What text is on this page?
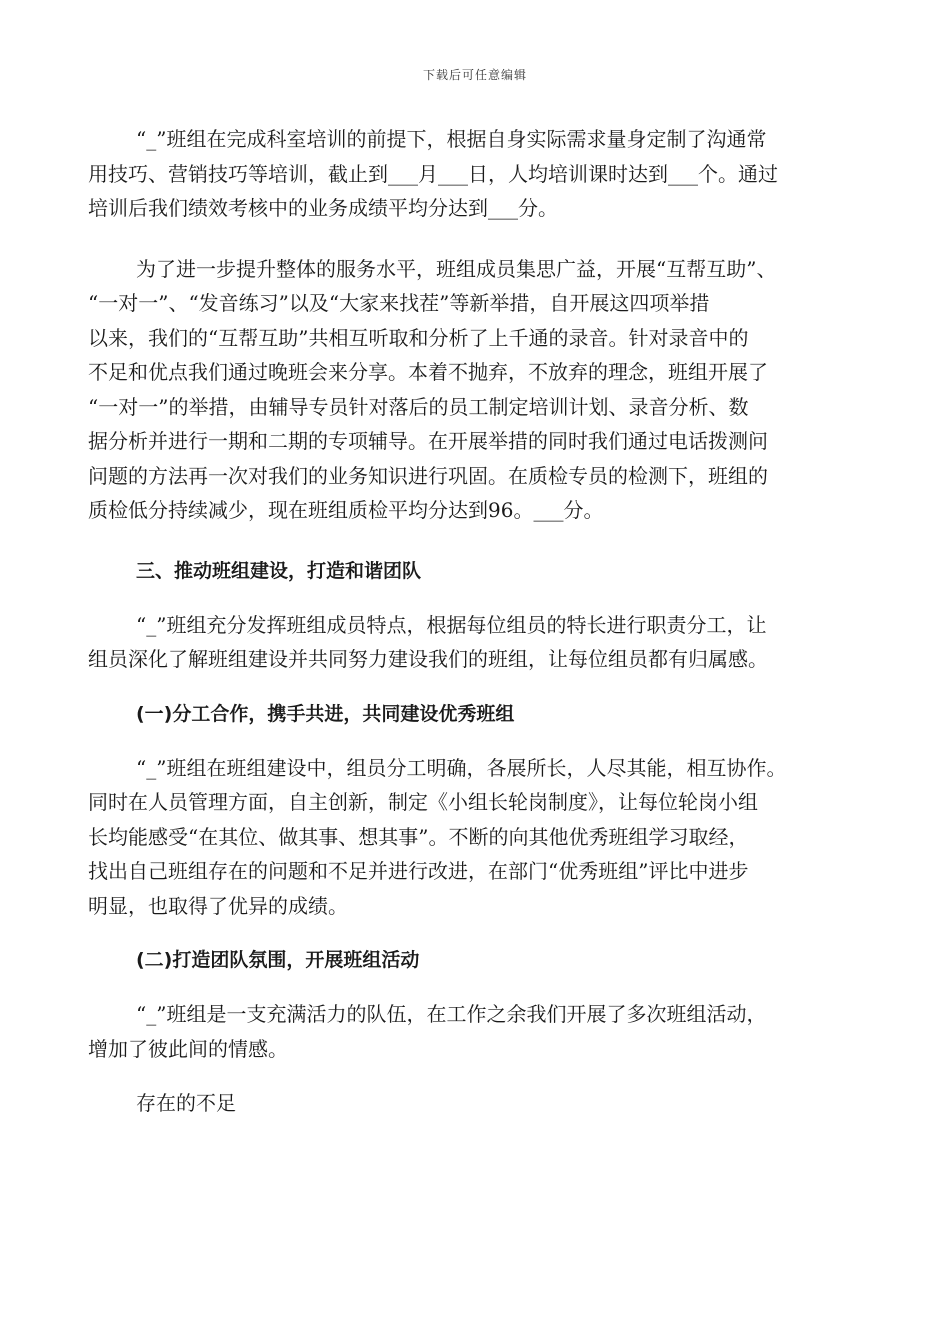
下载后可任意编辑

“_”班组在完成科室培训的前提下，根据自身实际需求量身定制了沟通常
用技巧、营销技巧等培训，截止到___月___日，人均培训课时达到___个。通过
培训后我们绩效考核中的业务成绩平均分达到___分。

为了进一步提升整体的服务水平，班组成员集思广益，开展“互帮互助”、
“一对一”、“发音练习”以及“大家来找茬”等新举措，自开展这四项举措
以来，我们的“互帮互助”共相互听取和分析了上千通的录音。针对录音中的
不足和优点我们通过晚班会来分享。本着不抛弃，不放弃的理念，班组开展了
“一对一”的举措，由辅导专员针对落后的员工制定培训计划、录音分析、数
据分析并进行一期和二期的专项辅导。在开展举措的同时我们通过电话拨测问
问题的方法再一次对我们的业务知识进行巩固。在质检专员的检测下，班组的
质检低分持续减少，现在班组质检平均分达到96。___分。

三、推动班组建设，打造和谐团队

“_”班组充分发挥班组成员特点，根据每位组员的特长进行职责分工，让
组员深化了解班组建设并共同努力建设我们的班组，让每位组员都有归属感。

(一)分工合作，携手共进，共同建设优秀班组

“_”班组在班组建设中，组员分工明确，各展所长，人尽其能，相互协作。
同时在人员管理方面，自主创新，制定《小组长轮岗制度》，让每位轮岗小组
长均能感受“在其位、做其事、想其事”。不断的向其他优秀班组学习取经，
找出自己班组存在的问题和不足并进行改进，在部门“优秀班组”评比中进步
明显，也取得了优异的成绩。

(二)打造团队氛围，开展班组活动

“_”班组是一支充满活力的队伍，在工作之余我们开展了多次班组活动，
增加了彼此间的情感。

存在的不足
